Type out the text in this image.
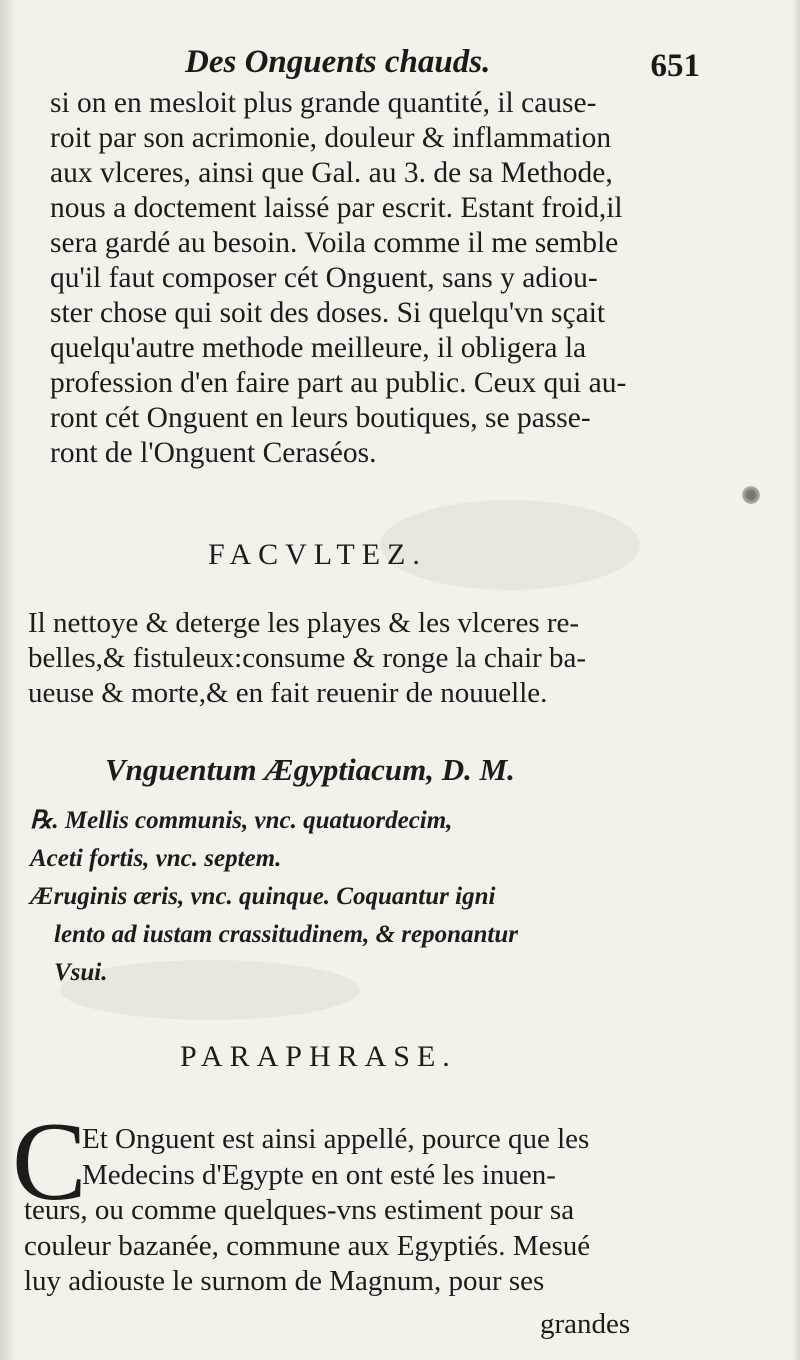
Des Onguents chauds.	651
si on en mesloit plus grande quantité, il cause-
roit par son acrimonie, douleur & inflammation
aux vlceres, ainsi que Gal. au 3. de sa Methode,
nous a doctement laissé par escrit. Estant froid,il
sera gardé au besoin. Voila comme il me semble
qu'il faut composer cét Onguent, sans y adiou-
ster chose qui soit des doses. Si quelqu'vn sçait
quelqu'autre methode meilleure, il obligera la
profession d'en faire part au public. Ceux qui au-
ront cét Onguent en leurs boutiques, se passe-
ront de l'Onguent Ceraséos.
FACVLTEZ.
Il nettoye & deterge les playes & les vlceres re-
belles,& fistuleux:consume & ronge la chair ba-
ueuse & morte,& en fait reuenir de nouuelle.
Vnguentum Ægyptiacum, D. M.
℞. Mellis communis, vnc. quatuordecim,
Aceti fortis, vnc. septem.
Æruginis æris, vnc. quinque. Coquantur igni
lento ad iustam crassitudinem, & reponantur
Vsui.
PARAPHRASE.
C
Et Onguent est ainsi appellé, pource que les
Medecins d'Egypte en ont esté les inuen-
teurs, ou comme quelques-vns estiment pour sa
couleur bazanée, commune aux Egyptiés. Mesué
luy adiouste le surnom de Magnum, pour ses
grandes
